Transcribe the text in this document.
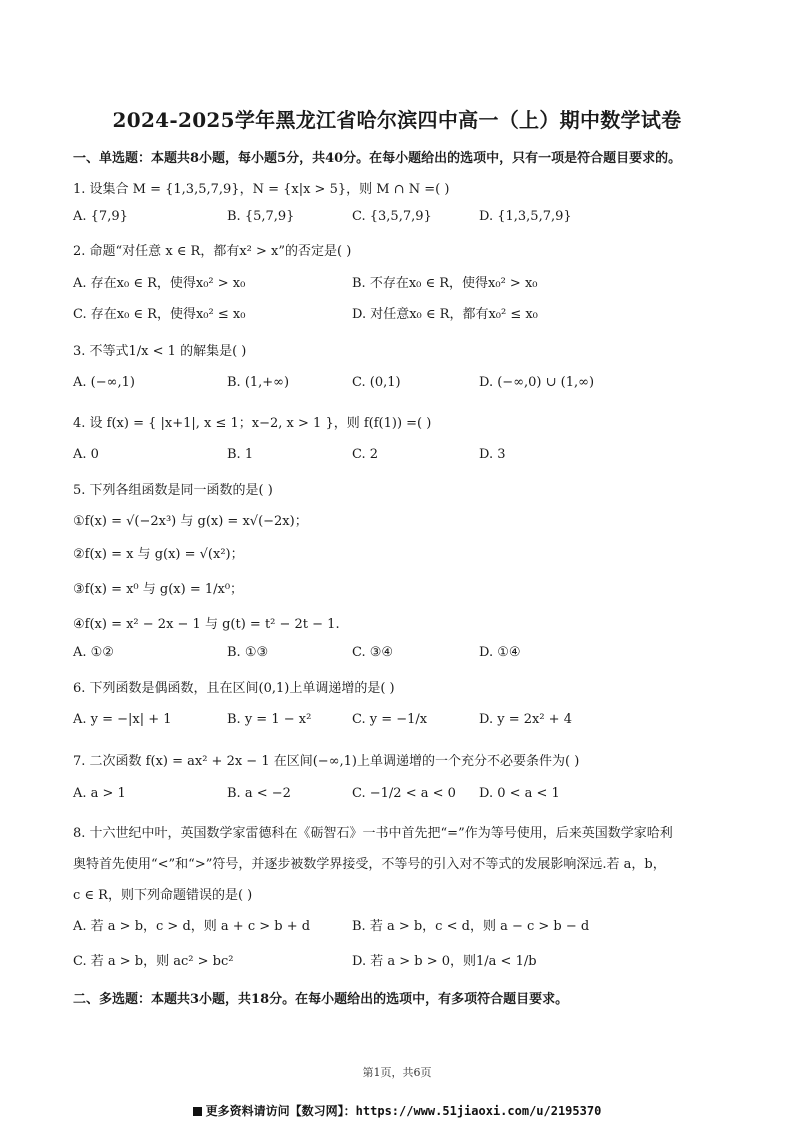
2024-2025学年黑龙江省哈尔滨四中高一（上）期中数学试卷
一、单选题：本题共8小题，每小题5分，共40分。在每小题给出的选项中，只有一项是符合题目要求的。
1. 设集合 M = {1,3,5,7,9}，N = {x|x > 5}，则 M ∩ N =( )
A. {7,9}	B. {5,7,9}	C. {3,5,7,9}	D. {1,3,5,7,9}
2. 命题“对任意 x ∈ R，都有x² > x”的否定是( )
A. 存在x₀ ∈ R，使得x₀² > x₀	B. 不存在x₀ ∈ R，使得x₀² > x₀
C. 存在x₀ ∈ R，使得x₀² ≤ x₀	D. 对任意x₀ ∈ R，都有x₀² ≤ x₀
3. 不等式1/x < 1 的解集是( )
A. (−∞,1)	B. (1,+∞)	C. (0,1)	D. (−∞,0) ∪ (1,∞)
4. 设 f(x) = { |x+1|, x ≤ 1；x−2, x > 1 }，则 f(f(1)) =( )
A. 0	B. 1	C. 2	D. 3
5. 下列各组函数是同一函数的是( )
①f(x) = √(−2x³) 与 g(x) = x√(−2x)；
②f(x) = x 与 g(x) = √(x²)；
③f(x) = x⁰ 与 g(x) = 1/x⁰；
④f(x) = x² − 2x − 1 与 g(t) = t² − 2t − 1.
A. ①②	B. ①③	C. ③④	D. ①④
6. 下列函数是偶函数，且在区间(0,1)上单调递增的是( )
A. y = −|x| + 1	B. y = 1 − x²	C. y = −1/x	D. y = 2x² + 4
7. 二次函数 f(x) = ax² + 2x − 1 在区间(−∞,1)上单调递增的一个充分不必要条件为( )
A. a > 1	B. a < −2	C. −1/2 < a < 0 D. 0 < a < 1
8. 十六世纪中叶，英国数学家雷德科在《砺智石》一书中首先把“=”作为等号使用，后来英国数学家哈利
奥特首先使用“<”和“>”符号，并逐步被数学界接受，不等号的引入对不等式的发展影响深远.若 a，b，
c ∈ R，则下列命题错误的是( )
A. 若 a > b，c > d，则 a + c > b + d	B. 若 a > b，c < d，则 a − c > b − d
C. 若 a > b，则 ac² > bc²	D. 若 a > b > 0，则1/a < 1/b
二、多选题：本题共3小题，共18分。在每小题给出的选项中，有多项符合题目要求。
第1页，共6页
更多资料请访问【数习网】：https://www.51jiaoxi.com/u/2195370
